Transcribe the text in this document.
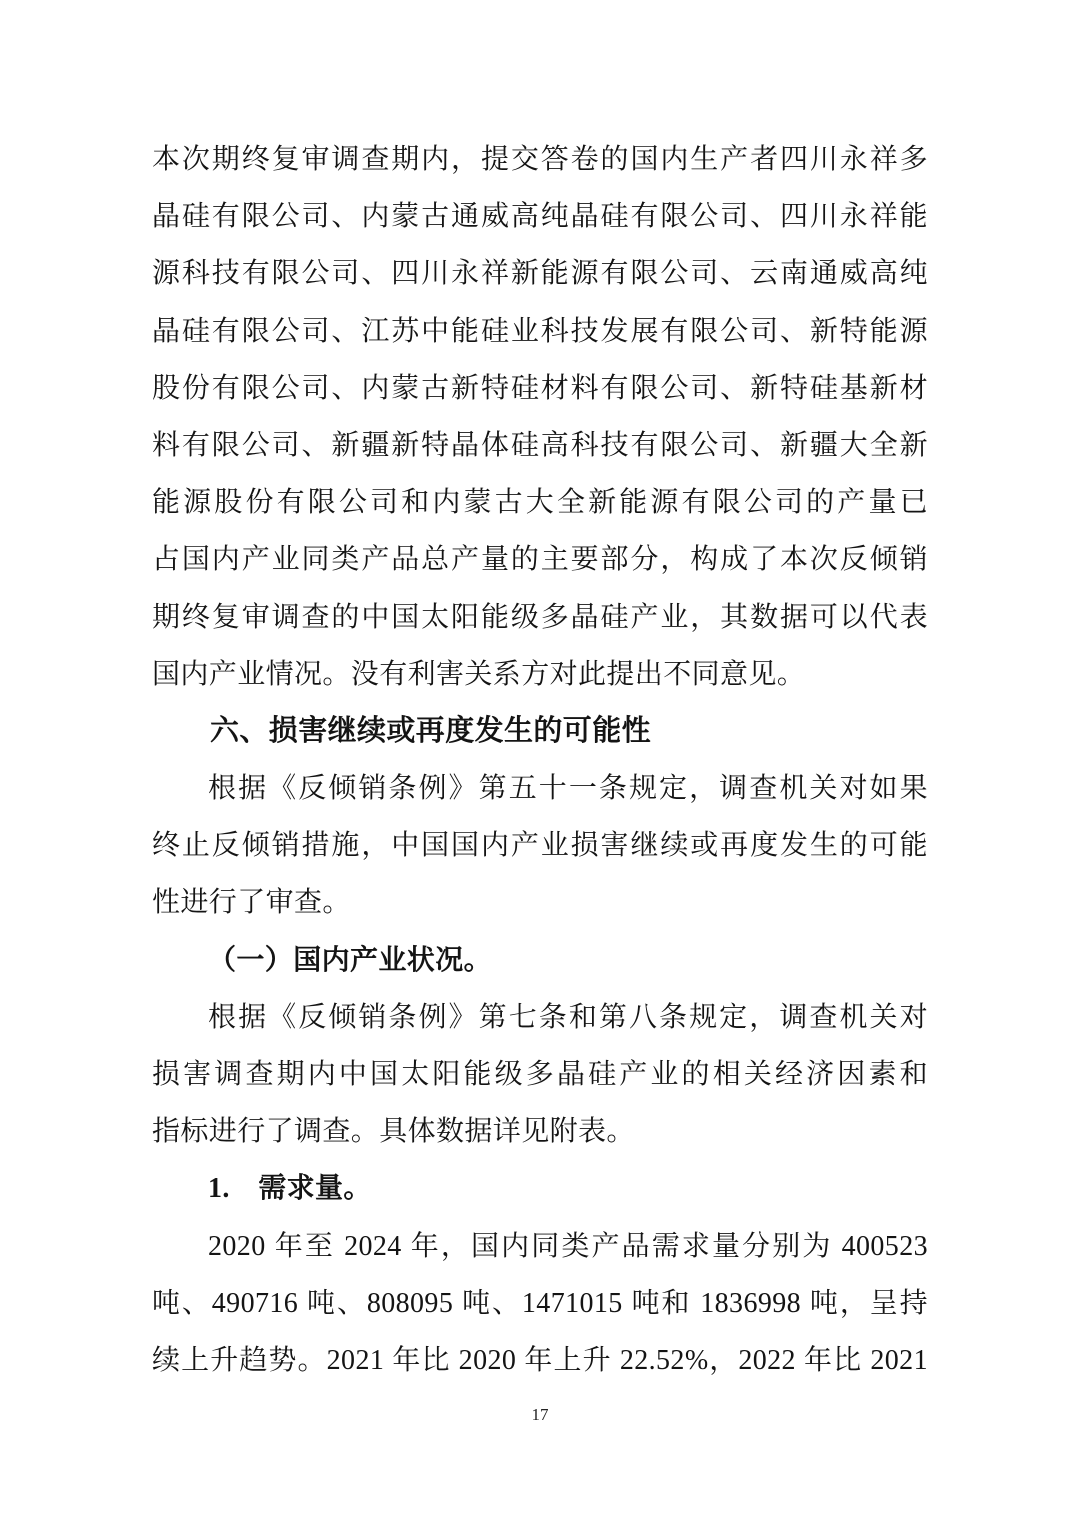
本次期终复审调查期内，提交答卷的国内生产者四川永祥多
晶硅有限公司、内蒙古通威高纯晶硅有限公司、四川永祥能
源科技有限公司、四川永祥新能源有限公司、云南通威高纯
晶硅有限公司、江苏中能硅业科技发展有限公司、新特能源
股份有限公司、内蒙古新特硅材料有限公司、新特硅基新材
料有限公司、新疆新特晶体硅高科技有限公司、新疆大全新
能源股份有限公司和内蒙古大全新能源有限公司的产量已
占国内产业同类产品总产量的主要部分，构成了本次反倾销
期终复审调查的中国太阳能级多晶硅产业，其数据可以代表
国内产业情况。没有利害关系方对此提出不同意见。
六、损害继续或再度发生的可能性
根据《反倾销条例》第五十一条规定，调查机关对如果
终止反倾销措施，中国国内产业损害继续或再度发生的可能
性进行了审查。
（一）国内产业状况。
根据《反倾销条例》第七条和第八条规定，调查机关对
损害调查期内中国太阳能级多晶硅产业的相关经济因素和
指标进行了调查。具体数据详见附表。
1.　需求量。
2020 年至 2024 年，国内同类产品需求量分别为 400523
吨、490716 吨、808095 吨、1471015 吨和 1836998 吨，呈持
续上升趋势。2021 年比 2020 年上升 22.52%，2022 年比 2021
17
